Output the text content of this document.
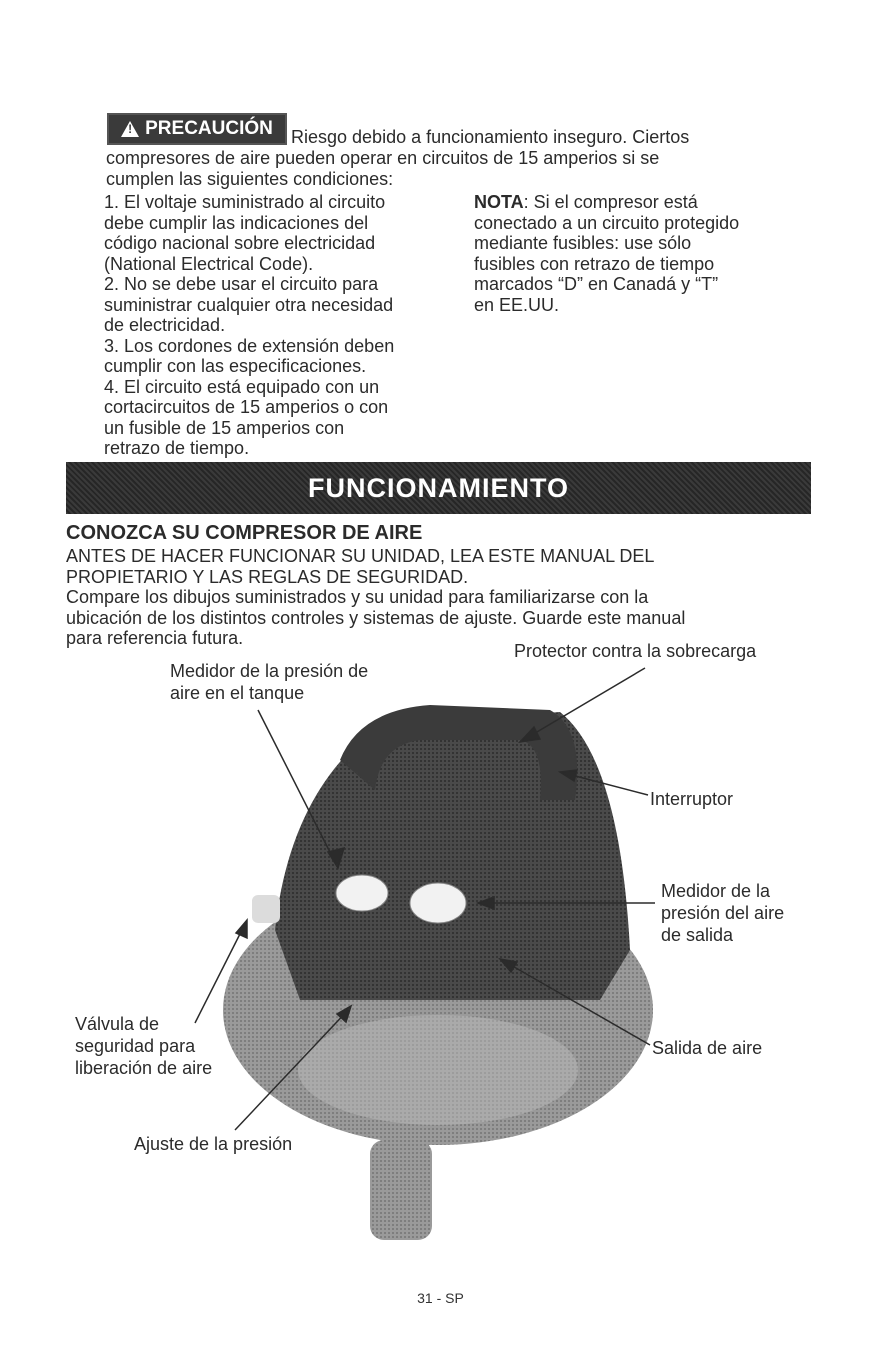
!
PRECAUCIÓN Riesgo debido a funcionamiento inseguro. Ciertos
compresores de aire pueden operar en circuitos de 15 amperios si se
cumplen las siguientes condiciones:
1. El voltaje suministrado al circuito
debe cumplir las indicaciones del
código nacional sobre electricidad
(National Electrical Code).
2. No se debe usar el circuito para
suministrar cualquier otra necesidad
de electricidad.
3. Los cordones de extensión deben
cumplir con las especificaciones.
4. El circuito está equipado con un
cortacircuitos de 15 amperios o con
un fusible de 15 amperios con
retrazo de tiempo.
NOTA: Si el compresor está
conectado a un circuito protegido
mediante fusibles: use sólo
fusibles con retrazo de tiempo
marcados “D” en Canadá y “T”
en EE.UU.
FUNCIONAMIENTO
CONOZCA SU COMPRESOR DE AIRE
ANTES DE HACER FUNCIONAR SU UNIDAD, LEA ESTE MANUAL DEL
PROPIETARIO Y LAS REGLAS DE SEGURIDAD.
Compare los dibujos suministrados y su unidad para familiarizarse con la
ubicación de los distintos controles y sistemas de ajuste. Guarde este manual
para referencia futura.
Medidor de la presión de
aire en el tanque
Protector contra la sobrecarga
Interruptor
Medidor de la
presión del aire
de salida
Válvula de
seguridad para
liberación de aire
Salida de aire
Ajuste de la presión
31 - SP
